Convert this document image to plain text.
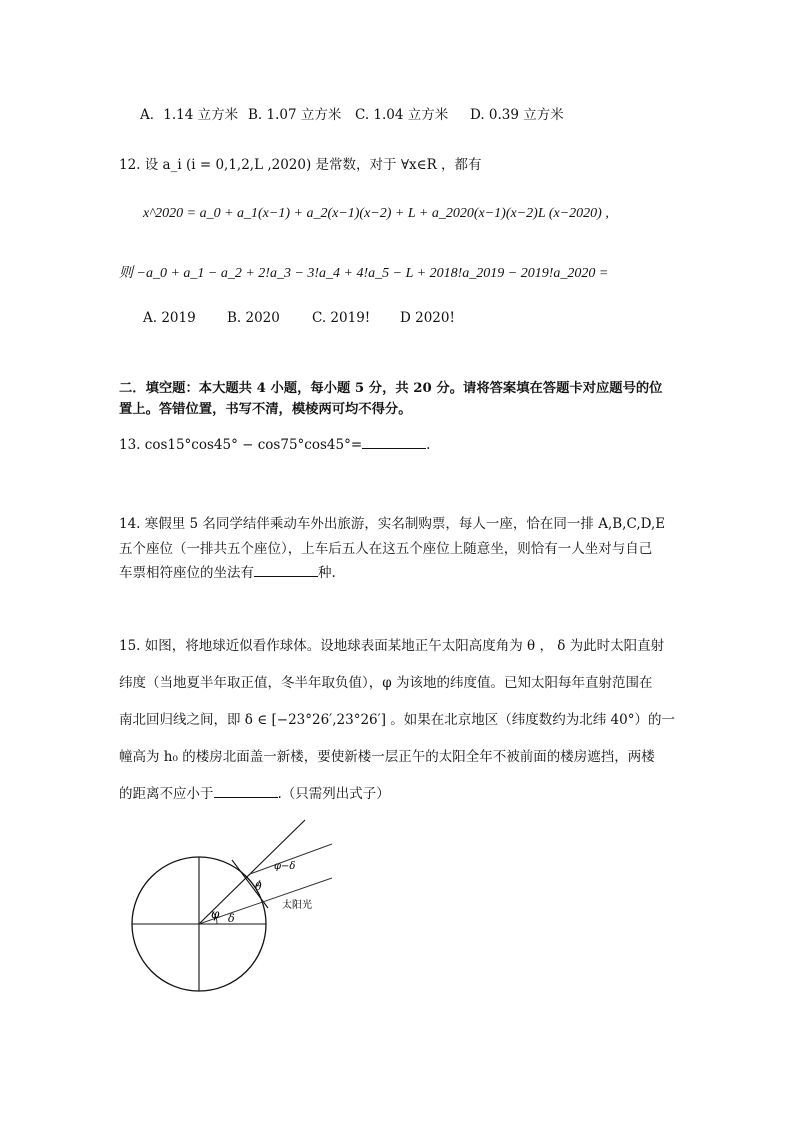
A．1.14 立方米 B. 1.07 立方米 C. 1.04 立方米 D. 0.39 立方米
12. 设 a_i (i = 0,1,2,L ,2020) 是常数，对于 ∀x∈R ，都有
x^2020 = a_0 + a_1(x−1) + a_2(x−1)(x−2) + L + a_2020(x−1)(x−2)L (x−2020) ,
则 −a_0 + a_1 − a_2 + 2!a_3 − 3!a_4 + 4!a_5 − L + 2018!a_2019 − 2019!a_2020 =
A. 2019 B. 2020 C. 2019! D 2020!
二．填空题：本大题共 4 小题，每小题 5 分，共 20 分。请将答案填在答题卡对应题号的位
置上。答错位置，书写不清，模棱两可均不得分。
13. cos15°cos45° − cos75°cos45°=	.
14. 寒假里 5 名同学结伴乘动车外出旅游，实名制购票，每人一座，恰在同一排 A,B,C,D,E
五个座位（一排共五个座位），上车后五人在这五个座位上随意坐，则恰有一人坐对与自己
车票相符座位的坐法有	种.
15. 如图，将地球近似看作球体。设地球表面某地正午太阳高度角为 θ ， δ 为此时太阳直射
纬度（当地夏半年取正值，冬半年取负值），φ 为该地的纬度值。已知太阳每年直射范围在
南北回归线之间，即 δ ∈ [−23°26′,23°26′] 。如果在北京地区（纬度数约为北纬 40°）的一
幢高为 h₀ 的楼房北面盖一新楼，要使新楼一层正午的太阳全年不被前面的楼房遮挡，两楼
的距离不应小于	.（只需列出式子）
φ−δ
θ
φ δ
太阳光
